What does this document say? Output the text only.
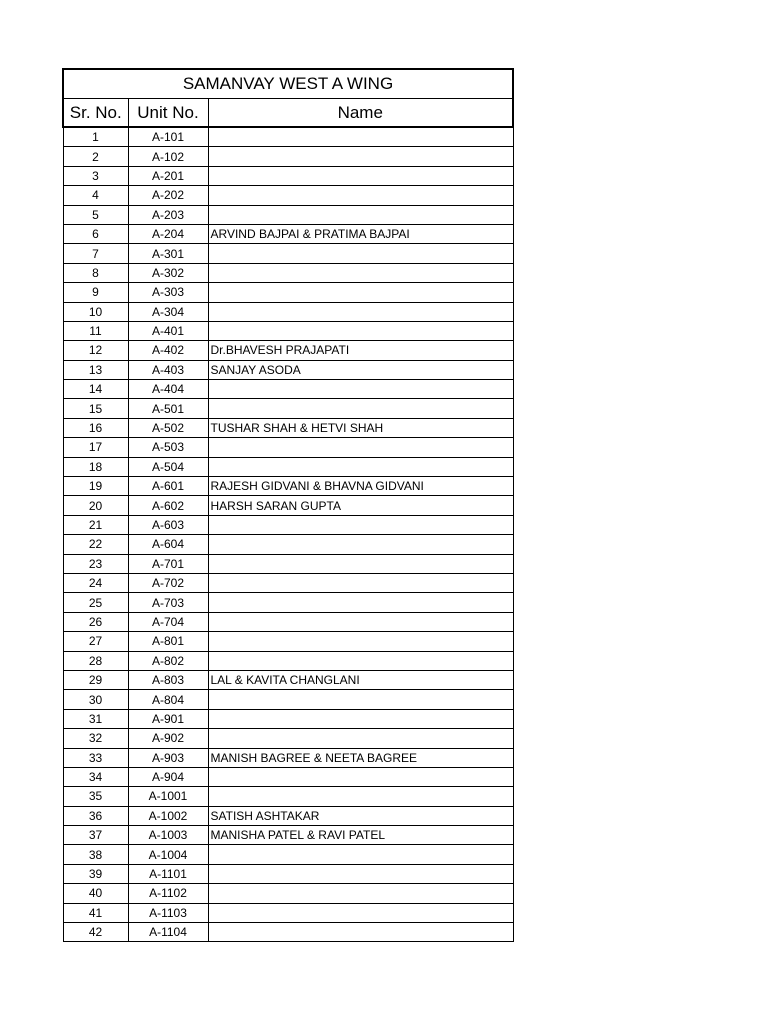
SAMANVAY WEST A WING		
Sr. No.	Unit No.	Name
1	A-101	
2	A-102	
3	A-201	
4	A-202	
5	A-203	
6	A-204	ARVIND BAJPAI & PRATIMA BAJPAI
7	A-301	
8	A-302	
9	A-303	
10	A-304	
11	A-401	
12	A-402	Dr.BHAVESH PRAJAPATI
13	A-403	SANJAY ASODA
14	A-404	
15	A-501	
16	A-502	TUSHAR SHAH & HETVI SHAH
17	A-503	
18	A-504	
19	A-601	RAJESH GIDVANI & BHAVNA GIDVANI
20	A-602	HARSH SARAN GUPTA
21	A-603	
22	A-604	
23	A-701	
24	A-702	
25	A-703	
26	A-704	
27	A-801	
28	A-802	
29	A-803	LAL & KAVITA CHANGLANI
30	A-804	
31	A-901	
32	A-902	
33	A-903	MANISH BAGREE & NEETA BAGREE
34	A-904	
35	A-1001	
36	A-1002	SATISH ASHTAKAR
37	A-1003	MANISHA PATEL & RAVI PATEL
38	A-1004	
39	A-1101	
40	A-1102	
41	A-1103	
42	A-1104	
